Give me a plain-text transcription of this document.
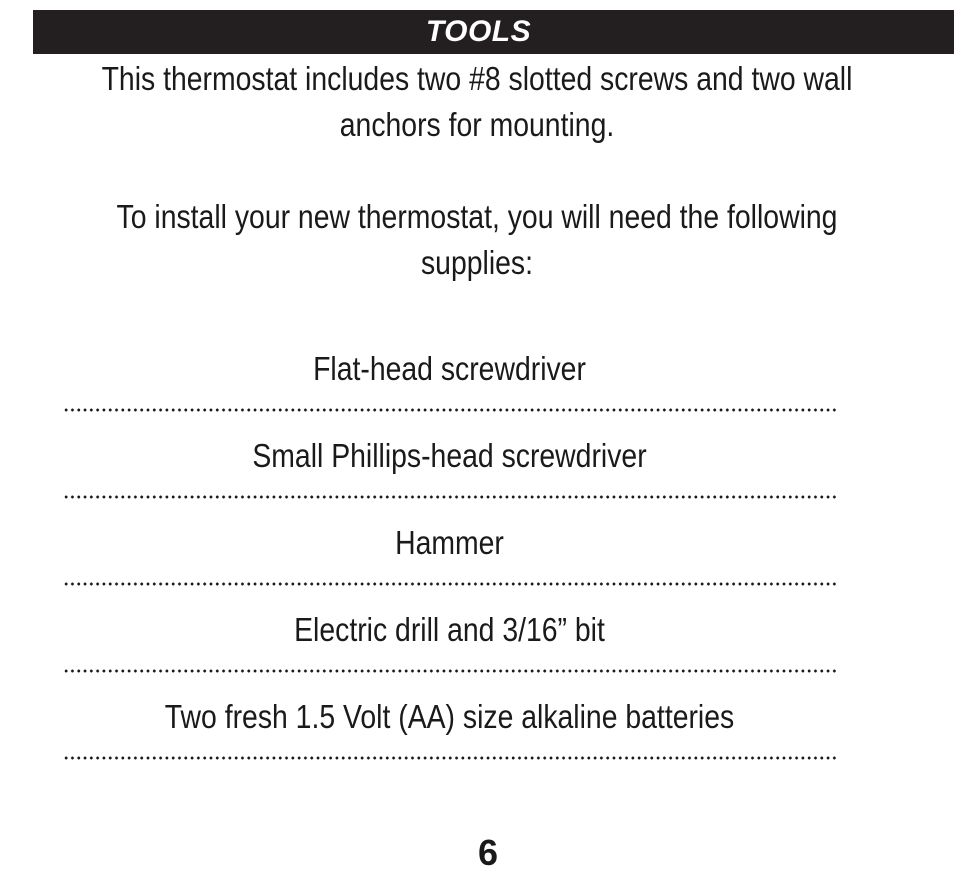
TOOLS

This thermostat includes two #8 slotted screws and two wall anchors for mounting.

To install your new thermostat, you will need the following supplies:

Flat-head screwdriver
Small Phillips-head screwdriver
Hammer
Electric drill and 3/16” bit
Two fresh 1.5 Volt (AA) size alkaline batteries
6
